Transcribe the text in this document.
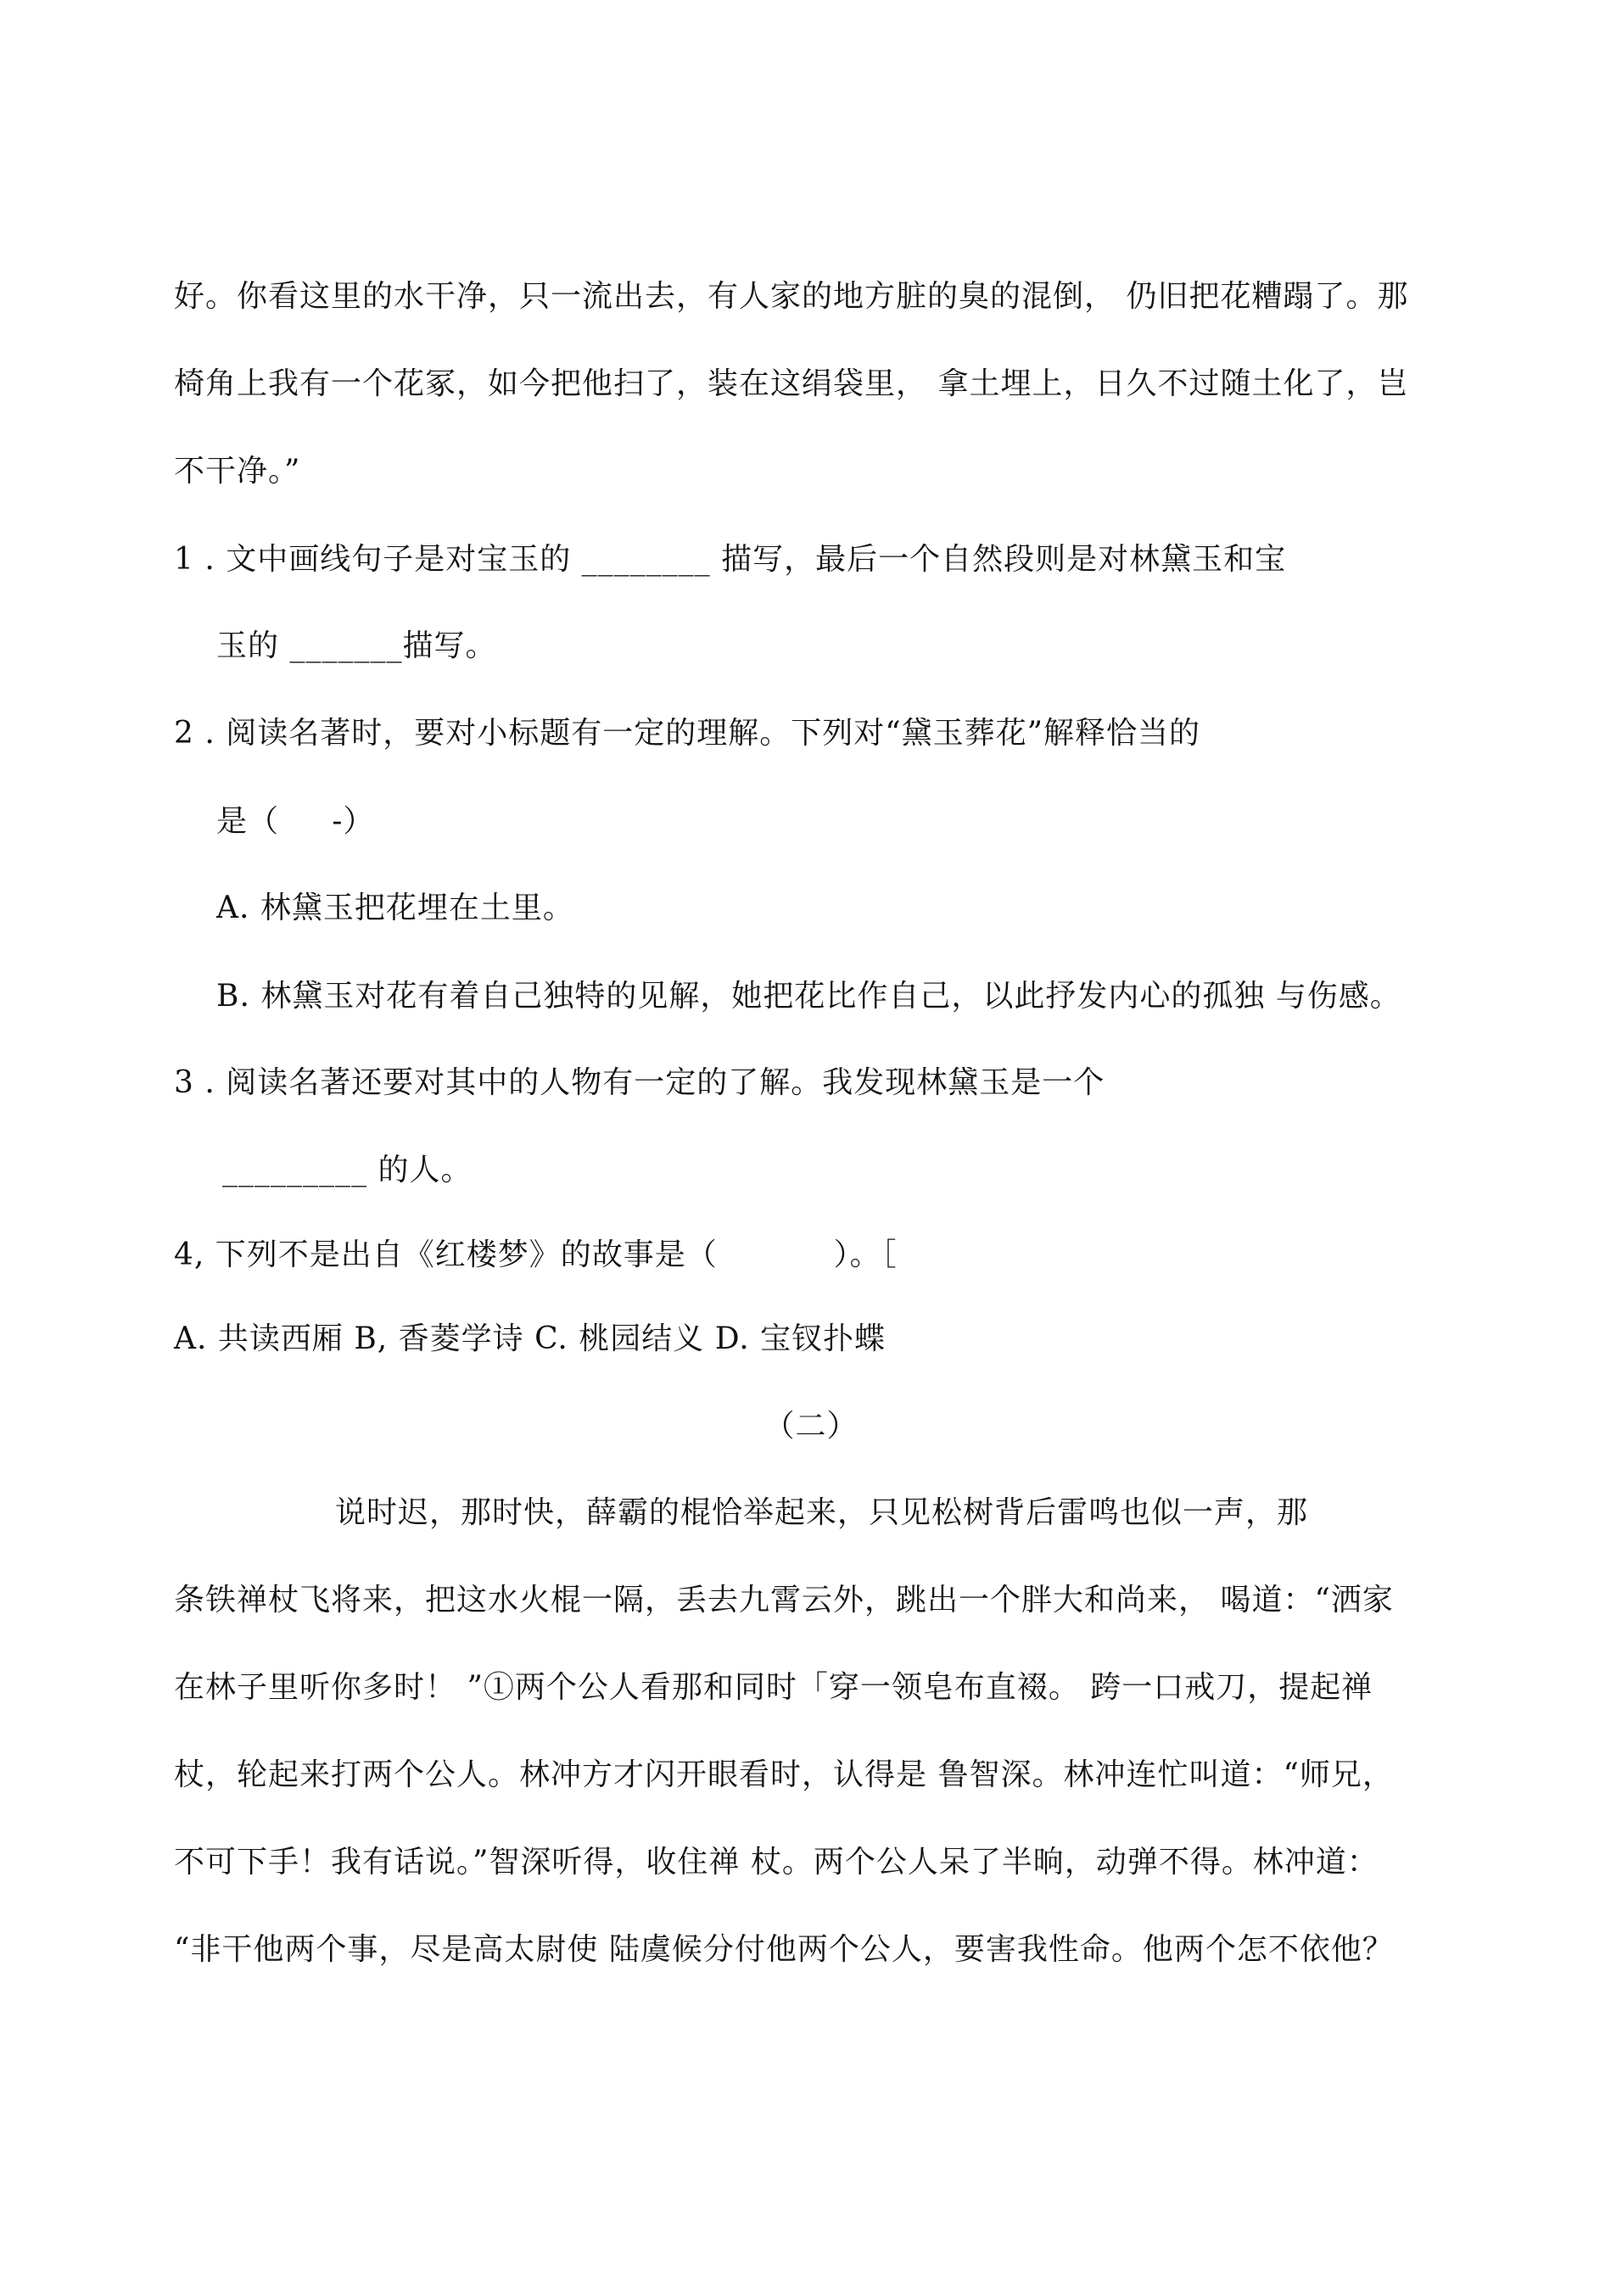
好。你看这里的水干净，只一流出去，有人家的地方脏的臭的混倒， 仍旧把花糟蹋了。那
椅角上我有一个花冢，如今把他扫了，装在这绢袋里， 拿土埋上，日久不过随土化了，岂
不干净。”
1 . 文中画线句子是对宝玉的 ________ 描写，最后一个自然段则是对林黛玉和宝
玉的 _______描写。
2 . 阅读名著时，要对小标题有一定的理解。下列对“黛玉葬花”解释恰当的
是（     -）
A. 林黛玉把花埋在土里。
B. 林黛玉对花有着自己独特的见解，她把花比作自己，以此抒发内心的孤独 与伤感。
3 . 阅读名著还要对其中的人物有一定的了解。我发现林黛玉是一个
_________ 的人。
4, 下列不是出自《红楼梦》的故事是（           ）。［
A. 共读西厢 B, 香菱学诗 C. 桃园结义 D. 宝钗扑蝶
（二）
说时迟，那时快，薛霸的棍恰举起来，只见松树背后雷鸣也似一声，那
条铁禅杖飞将来，把这水火棍一隔，丢去九霄云外，跳出一个胖大和尚来， 喝道：“洒家
在林子里听你多时！ ”①两个公人看那和同时「穿一领皂布直裰。 跨一口戒刀，提起禅
杖，轮起来打两个公人。林冲方才闪开眼看时，认得是 鲁智深。林冲连忙叫道：“师兄，
不可下手！我有话说。”智深听得，收住禅 杖。两个公人呆了半晌，动弹不得。林冲道：
“非干他两个事，尽是高太尉使 陆虞候分付他两个公人，要害我性命。他两个怎不依他？
